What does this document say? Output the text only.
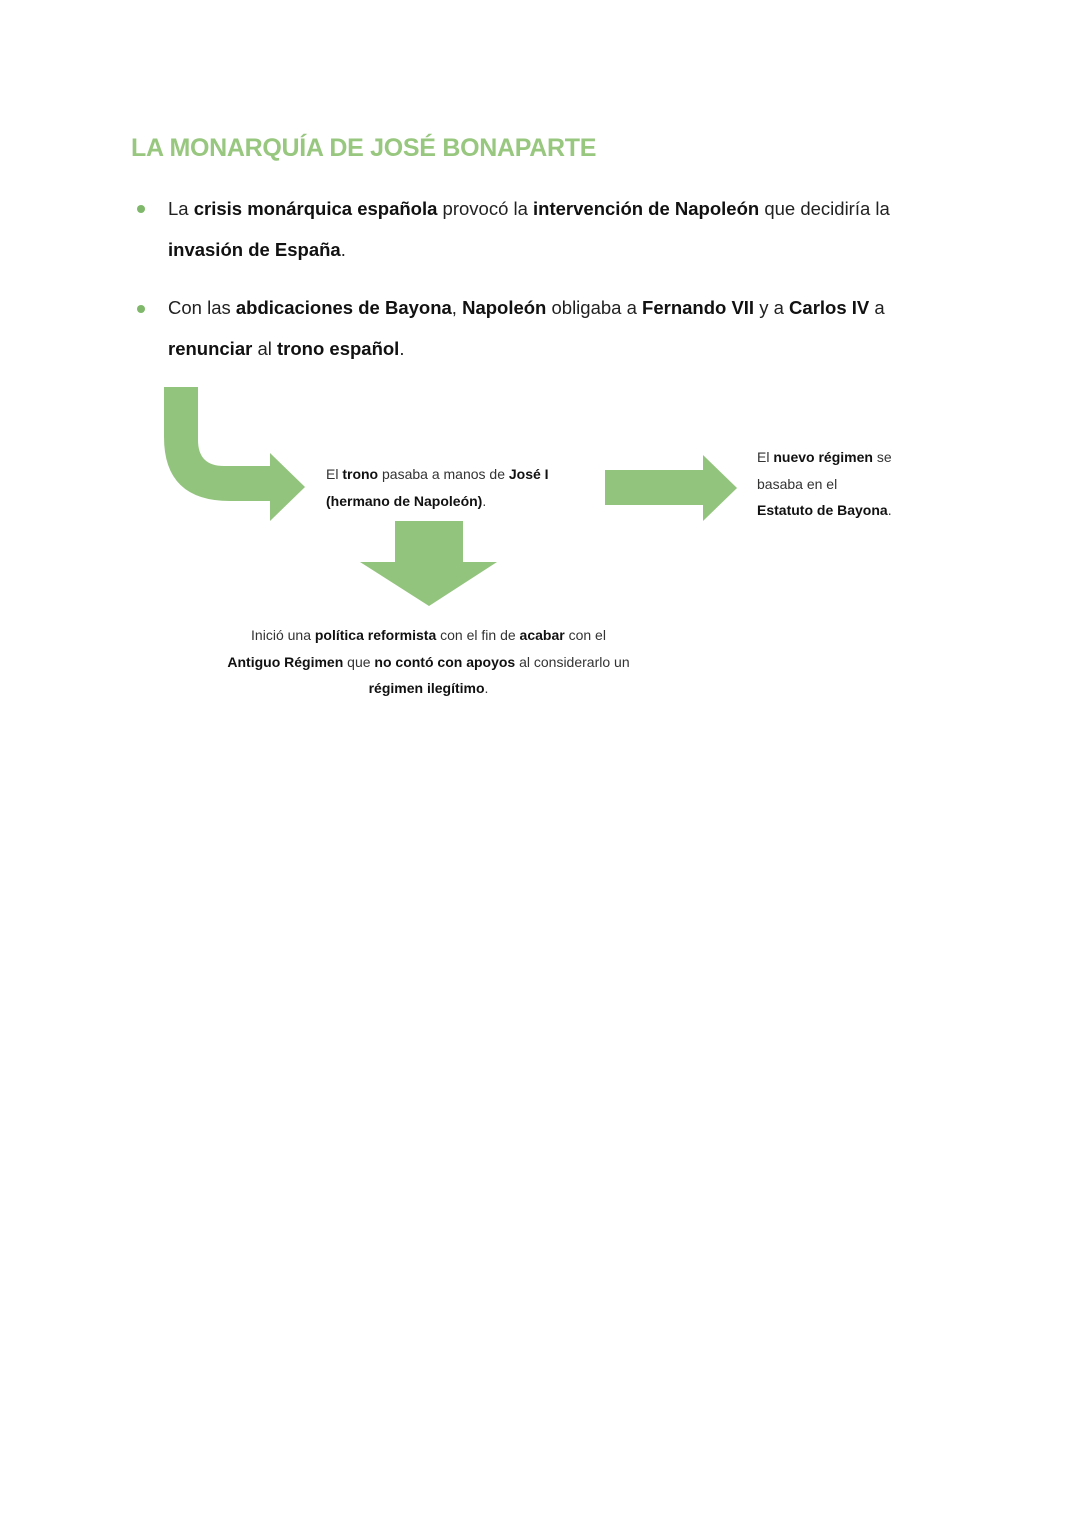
LA MONARQUÍA DE JOSÉ BONAPARTE
La crisis monárquica española provocó la intervención de Napoleón que decidiría la invasión de España.
Con las abdicaciones de Bayona, Napoleón obligaba a Fernando VII y a Carlos IV a renunciar al trono español.
El trono pasaba a manos de José I (hermano de Napoleón).
El nuevo régimen se basaba en el Estatuto de Bayona.
Inició una política reformista con el fin de acabar con el Antiguo Régimen que no contó con apoyos al considerarlo un régimen ilegítimo.
